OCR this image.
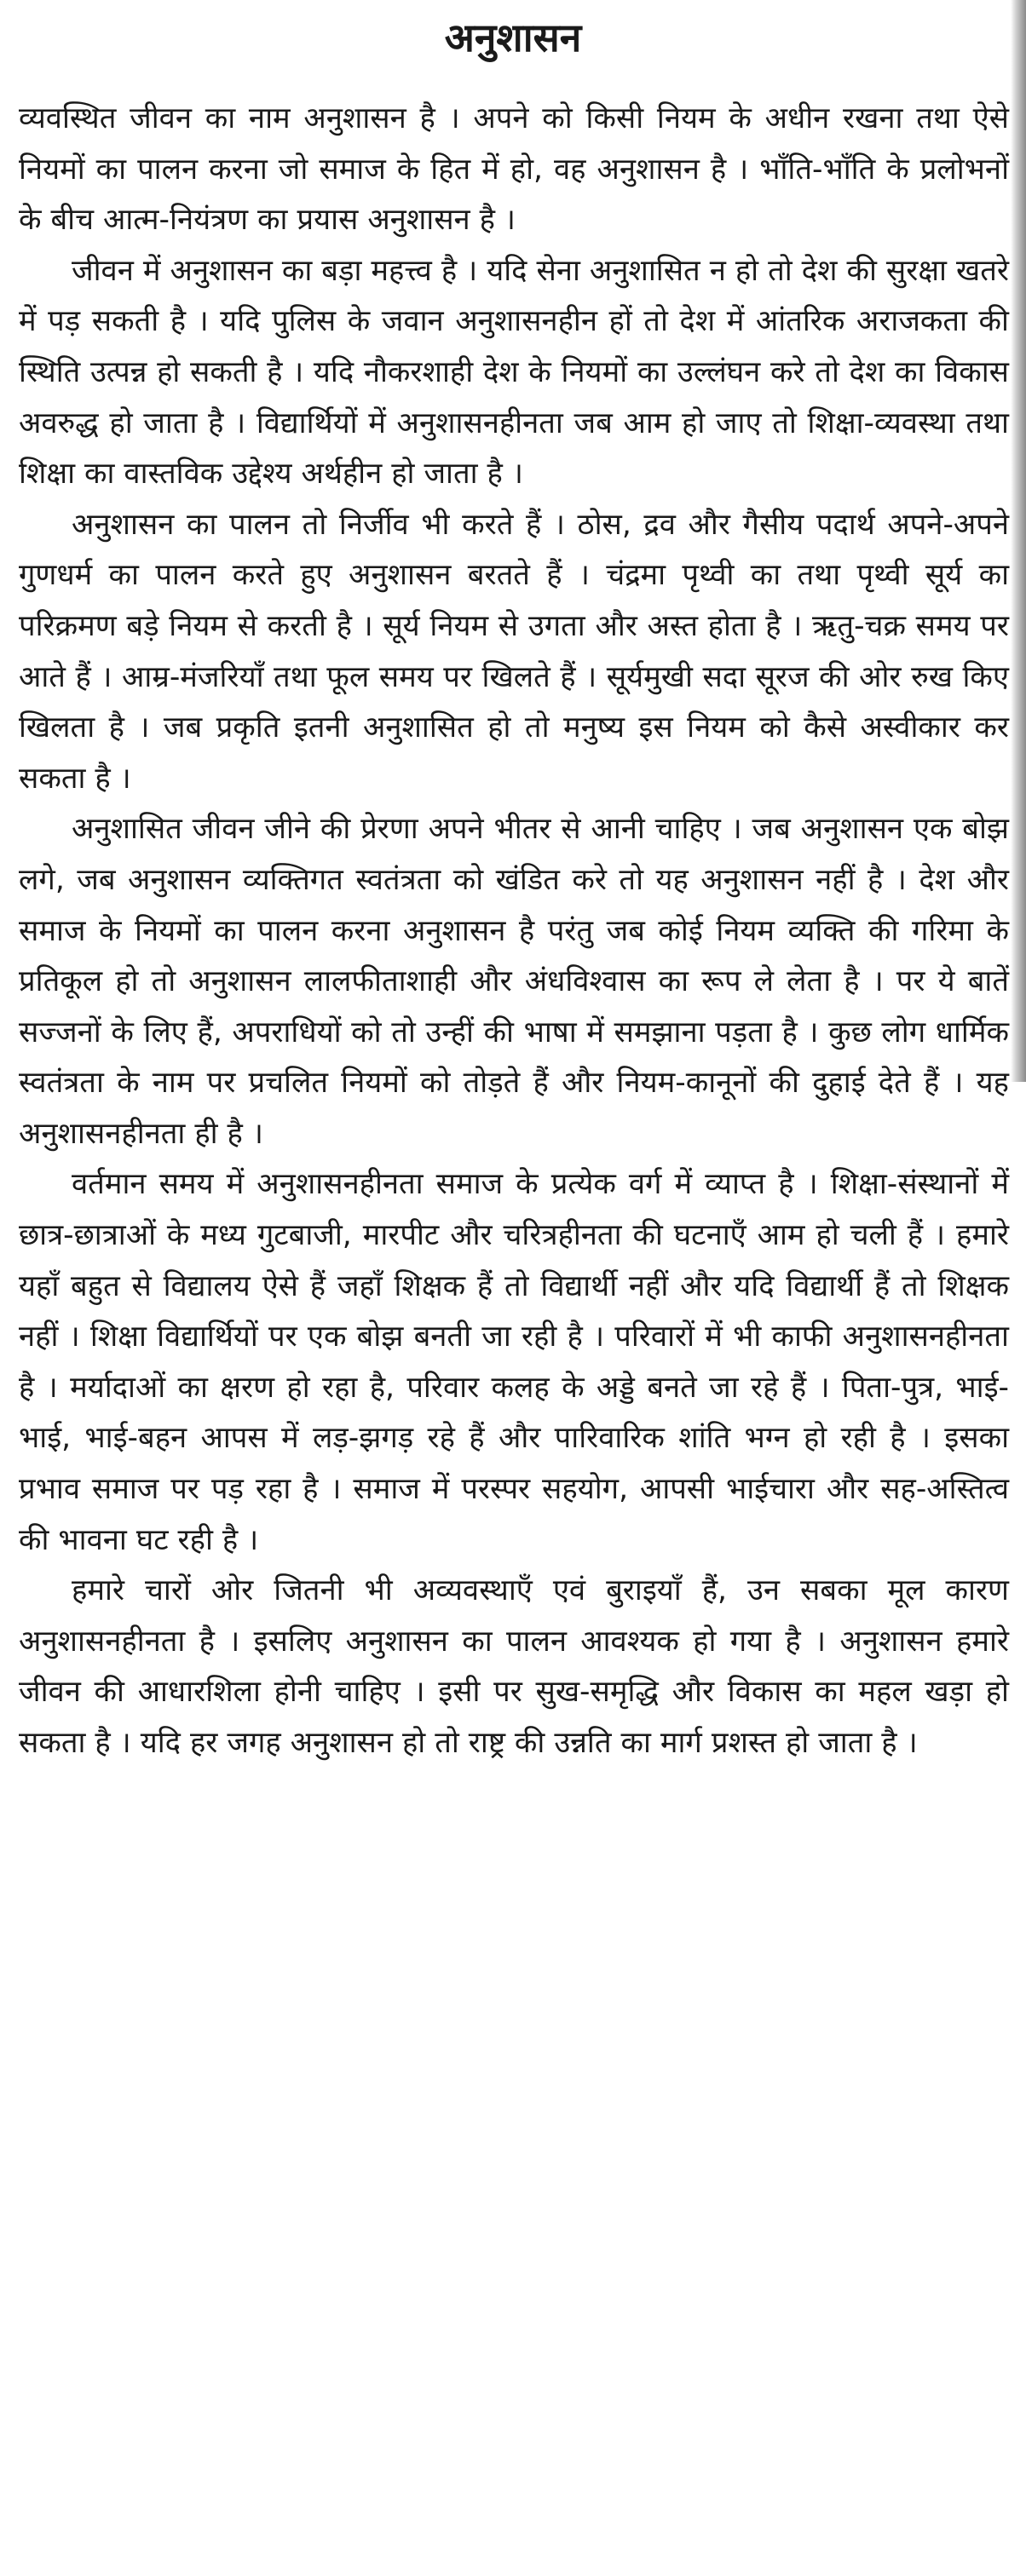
अनुशासन

व्यवस्थित जीवन का नाम अनुशासन है । अपने को किसी नियम के अधीन रखना तथा ऐसे नियमों का पालन करना जो समाज के हित में हो, वह अनुशासन है । भाँति-भाँति के प्रलोभनों के बीच आत्म-नियंत्रण का प्रयास अनुशासन है ।

जीवन में अनुशासन का बड़ा महत्त्व है । यदि सेना अनुशासित न हो तो देश की सुरक्षा खतरे में पड़ सकती है । यदि पुलिस के जवान अनुशासनहीन हों तो देश में आंतरिक अराजकता की स्थिति उत्पन्न हो सकती है । यदि नौकरशाही देश के नियमों का उल्लंघन करे तो देश का विकास अवरुद्ध हो जाता है । विद्यार्थियों में अनुशासनहीनता जब आम हो जाए तो शिक्षा-व्यवस्था तथा शिक्षा का वास्तविक उद्देश्य अर्थहीन हो जाता है ।

अनुशासन का पालन तो निर्जीव भी करते हैं । ठोस, द्रव और गैसीय पदार्थ अपने-अपने गुणधर्म का पालन करते हुए अनुशासन बरतते हैं । चंद्रमा पृथ्वी का तथा पृथ्वी सूर्य का परिक्रमण बड़े नियम से करती है । सूर्य नियम से उगता और अस्त होता है । ऋतु-चक्र समय पर आते हैं । आम्र-मंजरियाँ तथा फूल समय पर खिलते हैं । सूर्यमुखी सदा सूरज की ओर रुख किए खिलता है । जब प्रकृति इतनी अनुशासित हो तो मनुष्य इस नियम को कैसे अस्वीकार कर सकता है ।

अनुशासित जीवन जीने की प्रेरणा अपने भीतर से आनी चाहिए । जब अनुशासन एक बोझ लगे, जब अनुशासन व्यक्तिगत स्वतंत्रता को खंडित करे तो यह अनुशासन नहीं है । देश और समाज के नियमों का पालन करना अनुशासन है परंतु जब कोई नियम व्यक्ति की गरिमा के प्रतिकूल हो तो अनुशासन लालफीताशाही और अंधविश्वास का रूप ले लेता है । पर ये बातें सज्जनों के लिए हैं, अपराधियों को तो उन्हीं की भाषा में समझाना पड़ता है । कुछ लोग धार्मिक स्वतंत्रता के नाम पर प्रचलित नियमों को तोड़ते हैं और नियम-कानूनों की दुहाई देते हैं । यह अनुशासनहीनता ही है ।

वर्तमान समय में अनुशासनहीनता समाज के प्रत्येक वर्ग में व्याप्त है । शिक्षा-संस्थानों में छात्र-छात्राओं के मध्य गुटबाजी, मारपीट और चरित्रहीनता की घटनाएँ आम हो चली हैं । हमारे यहाँ बहुत से विद्यालय ऐसे हैं जहाँ शिक्षक हैं तो विद्यार्थी नहीं और यदि विद्यार्थी हैं तो शिक्षक नहीं । शिक्षा विद्यार्थियों पर एक बोझ बनती जा रही है । परिवारों में भी काफी अनुशासनहीनता है । मर्यादाओं का क्षरण हो रहा है, परिवार कलह के अड्डे बनते जा रहे हैं । पिता-पुत्र, भाई-भाई, भाई-बहन आपस में लड़-झगड़ रहे हैं और पारिवारिक शांति भग्न हो रही है । इसका प्रभाव समाज पर पड़ रहा है । समाज में परस्पर सहयोग, आपसी भाईचारा और सह-अस्तित्व की भावना घट रही है ।

हमारे चारों ओर जितनी भी अव्यवस्थाएँ एवं बुराइयाँ हैं, उन सबका मूल कारण अनुशासनहीनता है । इसलिए अनुशासन का पालन आवश्यक हो गया है । अनुशासन हमारे जीवन की आधारशिला होनी चाहिए । इसी पर सुख-समृद्धि और विकास का महल खड़ा हो सकता है । यदि हर जगह अनुशासन हो तो राष्ट्र की उन्नति का मार्ग प्रशस्त हो जाता है ।
